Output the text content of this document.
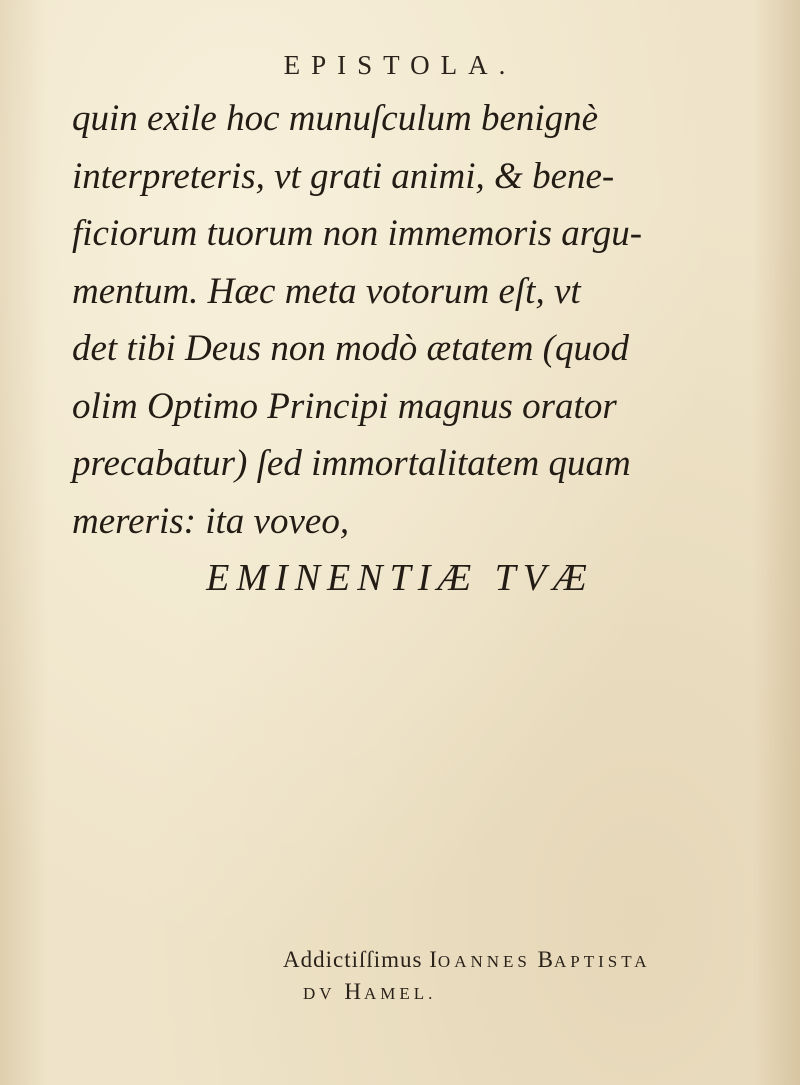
EPISTOLA.
quin exile hoc munuſculum benignè
interpreteris, vt grati animi, & bene-
ficiorum tuorum non immemoris argu-
mentum. Hæc meta votorum eſt, vt
det tibi Deus non modò ætatem (quod
olim Optimo Principi magnus orator
precabatur) ſed immortalitatem quam
mereris: ita voveo,
EMINENTIÆ TVÆ
Addictiſſimus IOANNES BAPTISTA
DV HAMEL.
